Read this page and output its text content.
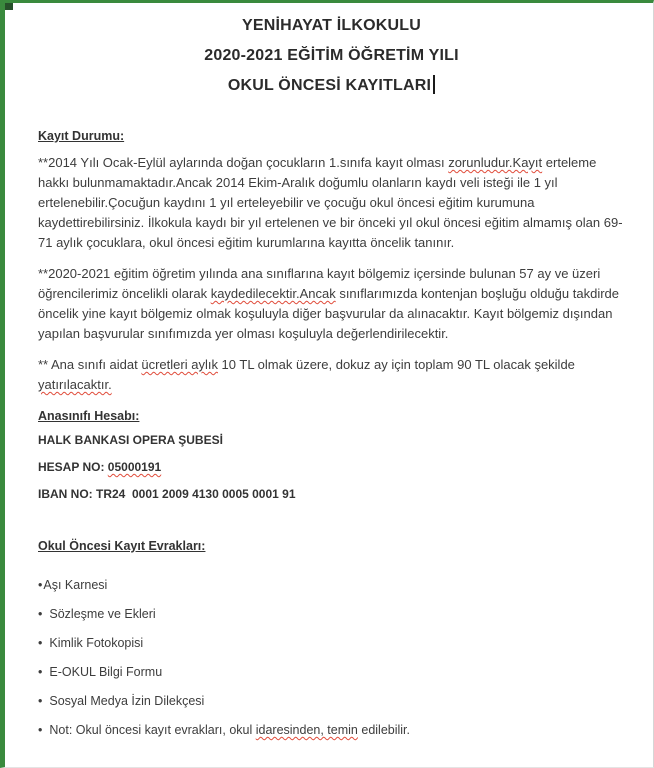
YENİHAYAT İLKOKULU
2020-2021 EĞİTİM ÖĞRETİM YILI
OKUL ÖNCESİ KAYITLARI
Kayıt Durumu:

**2014 Yılı Ocak-Eylül aylarında doğan çocukların 1.sınıfa kayıt olması zorunludur.Kayıt erteleme hakkı bulunmamaktadır.Ancak 2014 Ekim-Aralık doğumlu olanların kaydı veli isteği ile 1 yıl ertelenebilir.Çocuğun kaydını 1 yıl erteleyebilir ve çocuğu okul öncesi eğitim kurumuna kaydettirebilirsiniz. İlkokula kaydı bir yıl ertelenen ve bir önceki yıl okul öncesi eğitim almamış olan 69-71 aylık çocuklara, okul öncesi eğitim kurumlarına kayıtta öncelik tanınır.

**2020-2021 eğitim öğretim yılında ana sınıflarına kayıt bölgemiz içersinde bulunan 57 ay ve üzeri öğrencilerimiz öncelikli olarak kaydedilecektir.Ancak sınıflarımızda kontenjan boşluğu olduğu takdirde öncelik yine kayıt bölgemiz olmak koşuluyla diğer başvurular da alınacaktır. Kayıt bölgemiz dışından yapılan başvurular sınıfımızda yer olması koşuluyla değerlendirilecektir.

** Ana sınıfı aidat ücretleri aylık 10 TL olmak üzere, dokuz ay için toplam 90 TL olacak şekilde yatırılacaktır.

Anasınıfı Hesabı:
HALK BANKASI OPERA ŞUBESİ
HESAP NO: 05000191
IBAN NO: TR24  0001 2009 4130 0005 0001 91
Okul Öncesi Kayıt Evrakları:
•Aşı Karnesi
• Sözleşme ve Ekleri
• Kimlik Fotokopisi
• E-OKUL Bilgi Formu
• Sosyal Medya İzin Dilekçesi
• Not: Okul öncesi kayıt evrakları, okul idaresinden, temin edilebilir.
